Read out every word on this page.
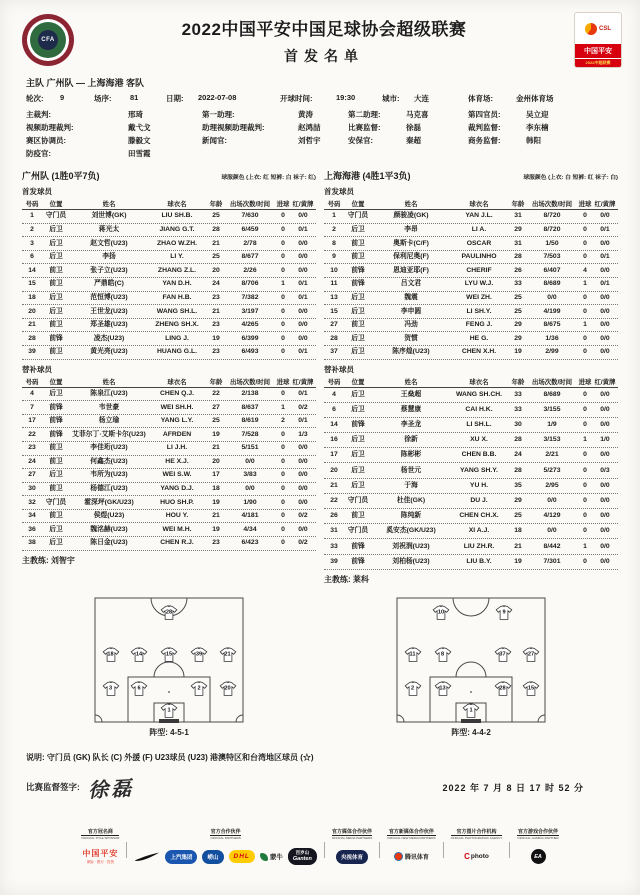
CFA
2022中国平安中国足球协会超级联赛
首发名单
CSL
中国平安
2022中超联赛
主队 广州队 — 上海海港 客队
轮次:	9	场序:	81	日期:	2022-07-08	开球时间:	19:30	城市:	大连	体育场:	金州体育场
主裁判:	邢琦	第一助理:	黄涛	第二助理:	马克喜	第四官员:	吴立迎
视频助理裁判:	戴弋戈	助理视频助理裁判:	赵鸿喆	比赛监督:	徐磊	裁判监督:	李东楠
赛区协调员:	滕毅文	新闻官:	刘哲宇	安保官:	秦超	商务监督:	韩阳
防疫官:	田雪霞
广州队 (1胜0平7负)	球服颜色 (上衣: 红 短裤: 白 袜子: 红)
首发球员
号码	位置	姓名	球衣名	年龄	出场次数/时间	进球 红/黄牌
1	守门员	刘世博(GK)	LIU SH.B.	25	7/630	0	0/0
2	后卫	蒋光太	JIANG G.T.	28	6/459	0	0/1
3	后卫	赵文哲(U23)	ZHAO W.ZH.	21	2/78	0	0/0
6	后卫	李扬	LI Y.	25	8/677	0	0/0
14	前卫	张子立(U23)	ZHANG Z.L.	20	2/26	0	0/0
15	前卫	严鼎皓(C)	YAN D.H.	24	8/706	1	0/1
18	后卫	范恒博(U23)	FAN H.B.	23	7/382	0	0/1
20	后卫	王世龙(U23)	WANG SH.L.	21	3/197	0	0/0
21	前卫	郑圣雄(U23)	ZHENG SH.X.	23	4/265	0	0/0
28	前锋	凌杰(U23)	LING J.	19	6/399	0	0/0
39	前卫	黄光亮(U23)	HUANG G.L.	23	6/493	0	0/1
替补球员
号码	位置	姓名	球衣名	年龄	出场次数/时间	进球 红/黄牌
4	后卫	陈泉江(U23)	CHEN Q.J.	22	2/138	0	0/1
7	前锋	韦世豪	WEI SH.H.	27	8/637	1	0/2
17	前锋	杨立瑜	YANG L.Y.	25	8/619	2	0/1
22	前锋	艾菲尔丁·艾斯卡尔(U23)	AFRDEN	19	7/528	0	1/3
23	前卫	李佳珩(U23)	LI J.H.	21	5/151	0	0/0
24	前卫	何鑫杰(U23)	HE X.J.	20	0/0	0	0/0
27	后卫	韦所为(U23)	WEI S.W.	17	3/83	0	0/0
30	前卫	杨德江(U23)	YANG D.J.	18	0/0	0	0/0
32	守门员	霍深坪(GK/U23)	HUO SH.P.	19	1/90	0	0/0
34	前卫	侯煜(U23)	HOU Y.	21	4/181	0	0/2
36	后卫	魏洺赫(U23)	WEI M.H.	19	4/34	0	0/0
38	后卫	陈日金(U23)	CHEN R.J.	23	6/423	0	0/2
主教练: 刘智宇
上海海港 (4胜1平3负)	球服颜色 (上衣: 白 短裤: 红 袜子: 白)
首发球员
号码	位置	姓名	球衣名	年龄	出场次数/时间	进球 红/黄牌
1	守门员	颜骏凌(GK)	YAN J.L.	31	8/720	0	0/0
2	后卫	李昂	LI A.	29	8/720	0	0/1
8	前卫	奥斯卡(C/F)	OSCAR	31	1/50	0	0/0
9	前卫	保利尼奥(F)	PAULINHO	28	7/503	0	0/1
10	前锋	恩迪亚耶(F)	CHERIF	26	6/407	4	0/0
11	前锋	吕文君	LYU W.J.	33	8/689	1	0/1
13	后卫	魏震	WEI ZH.	25	0/0	0	0/0
15	后卫	李申圆	LI SH.Y.	25	4/199	0	0/0
27	前卫	冯劲	FENG J.	29	8/675	1	0/0
28	后卫	贺惯	HE G.	29	1/36	0	0/0
37	后卫	陈序煌(U23)	CHEN X.H.	19	2/99	0	0/0
替补球员
号码	位置	姓名	球衣名	年龄	出场次数/时间	进球 红/黄牌
4	后卫	王燊超	WANG SH.CH.	33	8/689	0	0/0
6	后卫	蔡慧康	CAI H.K.	33	3/155	0	0/0
14	前锋	李圣龙	LI SH.L.	30	1/9	0	0/0
16	后卫	徐新	XU X.	28	3/153	1	1/0
17	后卫	陈彬彬	CHEN B.B.	24	2/21	0	0/0
20	后卫	杨世元	YANG SH.Y.	28	5/273	0	0/3
21	后卫	于海	YU H.	35	2/95	0	0/0
22	守门员	杜佳(GK)	DU J.	29	0/0	0	0/0
26	前卫	陈纯新	CHEN CH.X.	25	4/129	0	0/0
31	守门员	奚安杰(GK/U23)	XI A.J.	18	0/0	0	0/0
33	前锋	刘祝润(U23)	LIU ZH.R.	21	8/442	1	0/0
39	前锋	刘柏杨(U23)	LIU B.Y.	19	7/301	0	0/0
主教练: 莱科
28
18	14	15	39	21
3	6	2	20
1
阵型: 4-5-1
10	9
11	8	37	27
2	13	28	15
1
阵型: 4-4-2
说明: 守门员 (GK) 队长 (C) 外援 (F) U23球员 (U23) 港澳特区和台湾地区球员 (☆)
比赛监督签字: 徐磊	2022 年 7 月 8 日 17 时 52 分
官方冠名商
OFFICIAL TITLE SPONSOR
中国平安
保险 · 银行 · 投资
官方合作伙伴
OFFICIAL PARTNERS
上汽集团	崂山	DHL	蒙牛
百岁山
Ganten
官方媒体合作伙伴
OFFICIAL MEDIA PARTNERS
央视体育
官方新媒体合作伙伴
OFFICIAL NEW MEDIA PARTNERS
腾讯体育
官方图片合作机构
OFFICIAL PHOTOGRAPHIC AGENCY
C photo
官方游戏合作伙伴
OFFICIAL GAMING PARTNER
EA
